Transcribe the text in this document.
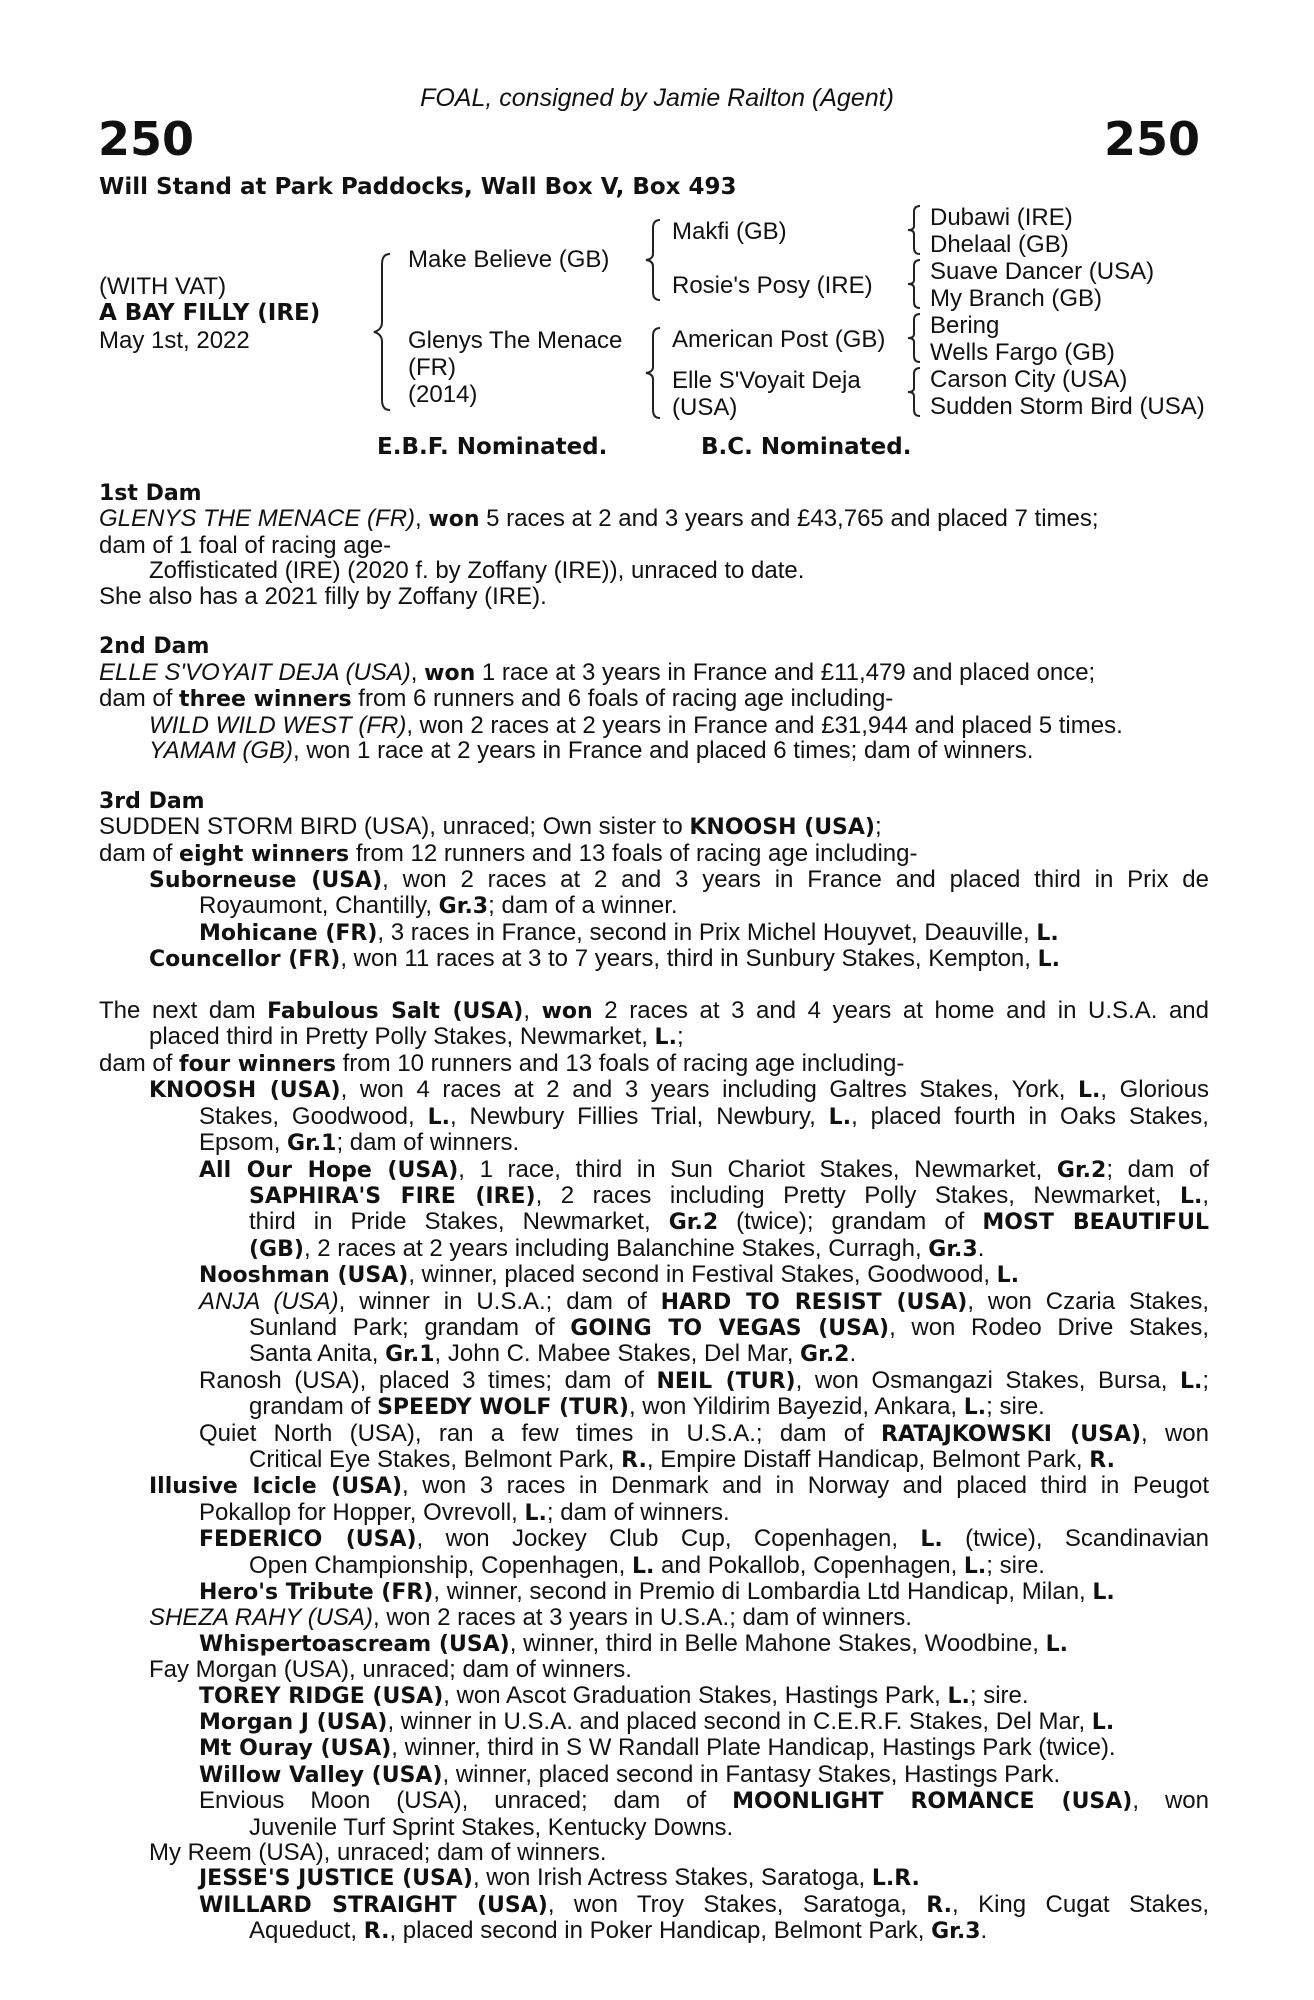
FOAL, consigned by Jamie Railton (Agent)
250	250
Will Stand at Park Paddocks, Wall Box V, Box 493
(WITH VAT)
A BAY FILLY (IRE)
May 1st, 2022
Make Believe (GB)
Glenys The Menace
(FR)
(2014)
Makfi (GB)
Rosie's Posy (IRE)
American Post (GB)
Elle S'Voyait Deja
(USA)
Dubawi (IRE)
Dhelaal (GB)
Suave Dancer (USA)
My Branch (GB)
Bering
Wells Fargo (GB)
Carson City (USA)
Sudden Storm Bird (USA)
E.B.F. Nominated.	B.C. Nominated.

1st Dam

GLENYS THE MENACE (FR), won 5 races at 2 and 3 years and £43,765 and placed 7 times;

dam of 1 foal of racing age-

Zoffisticated (IRE) (2020 f. by Zoffany (IRE)), unraced to date.

She also has a 2021 filly by Zoffany (IRE).

2nd Dam

ELLE S'VOYAIT DEJA (USA), won 1 race at 3 years in France and £11,479 and placed once;

dam of three winners from 6 runners and 6 foals of racing age including-

WILD WILD WEST (FR), won 2 races at 2 years in France and £31,944 and placed 5 times.

YAMAM (GB), won 1 race at 2 years in France and placed 6 times; dam of winners.

3rd Dam

SUDDEN STORM BIRD (USA), unraced; Own sister to KNOOSH (USA);

dam of eight winners from 12 runners and 13 foals of racing age including-

Suborneuse (USA), won 2 races at 2 and 3 years in France and placed third in Prix de

Royaumont, Chantilly, Gr.3; dam of a winner.

Mohicane (FR), 3 races in France, second in Prix Michel Houyvet, Deauville, L.

Councellor (FR), won 11 races at 3 to 7 years, third in Sunbury Stakes, Kempton, L.

The next dam Fabulous Salt (USA), won 2 races at 3 and 4 years at home and in U.S.A. and

placed third in Pretty Polly Stakes, Newmarket, L.;

dam of four winners from 10 runners and 13 foals of racing age including-

KNOOSH (USA), won 4 races at 2 and 3 years including Galtres Stakes, York, L., Glorious

Stakes, Goodwood, L., Newbury Fillies Trial, Newbury, L., placed fourth in Oaks Stakes,

Epsom, Gr.1; dam of winners.

All Our Hope (USA), 1 race, third in Sun Chariot Stakes, Newmarket, Gr.2; dam of

SAPHIRA'S FIRE (IRE), 2 races including Pretty Polly Stakes, Newmarket, L.,

third in Pride Stakes, Newmarket, Gr.2 (twice); grandam of MOST BEAUTIFUL

(GB), 2 races at 2 years including Balanchine Stakes, Curragh, Gr.3.

Nooshman (USA), winner, placed second in Festival Stakes, Goodwood, L.

ANJA (USA), winner in U.S.A.; dam of HARD TO RESIST (USA), won Czaria Stakes,

Sunland Park; grandam of GOING TO VEGAS (USA), won Rodeo Drive Stakes,

Santa Anita, Gr.1, John C. Mabee Stakes, Del Mar, Gr.2.

Ranosh (USA), placed 3 times; dam of NEIL (TUR), won Osmangazi Stakes, Bursa, L.;

grandam of SPEEDY WOLF (TUR), won Yildirim Bayezid, Ankara, L.; sire.

Quiet North (USA), ran a few times in U.S.A.; dam of RATAJKOWSKI (USA), won

Critical Eye Stakes, Belmont Park, R., Empire Distaff Handicap, Belmont Park, R.

Illusive Icicle (USA), won 3 races in Denmark and in Norway and placed third in Peugot

Pokallop for Hopper, Ovrevoll, L.; dam of winners.

FEDERICO (USA), won Jockey Club Cup, Copenhagen, L. (twice), Scandinavian

Open Championship, Copenhagen, L. and Pokallob, Copenhagen, L.; sire.

Hero's Tribute (FR), winner, second in Premio di Lombardia Ltd Handicap, Milan, L.

SHEZA RAHY (USA), won 2 races at 3 years in U.S.A.; dam of winners.

Whispertoascream (USA), winner, third in Belle Mahone Stakes, Woodbine, L.

Fay Morgan (USA), unraced; dam of winners.

TOREY RIDGE (USA), won Ascot Graduation Stakes, Hastings Park, L.; sire.

Morgan J (USA), winner in U.S.A. and placed second in C.E.R.F. Stakes, Del Mar, L.

Mt Ouray (USA), winner, third in S W Randall Plate Handicap, Hastings Park (twice).

Willow Valley (USA), winner, placed second in Fantasy Stakes, Hastings Park.

Envious Moon (USA), unraced; dam of MOONLIGHT ROMANCE (USA), won

Juvenile Turf Sprint Stakes, Kentucky Downs.

My Reem (USA), unraced; dam of winners.

JESSE'S JUSTICE (USA), won Irish Actress Stakes, Saratoga, L.R.

WILLARD STRAIGHT (USA), won Troy Stakes, Saratoga, R., King Cugat Stakes,

Aqueduct, R., placed second in Poker Handicap, Belmont Park, Gr.3.
